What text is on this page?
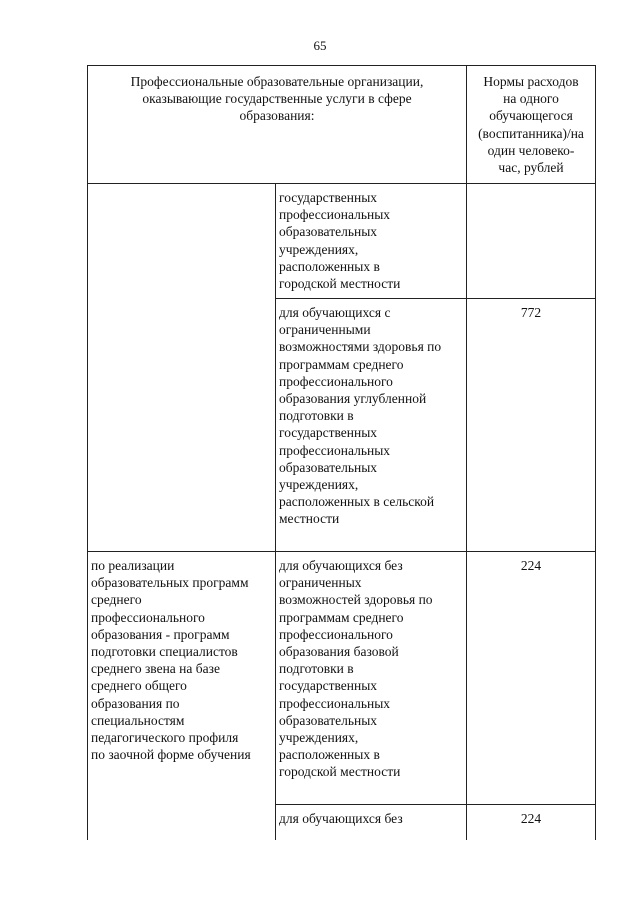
65
Профессиональные образовательные организации,
оказывающие государственные услуги в сфере
образования:
Нормы расходов
на одного
обучающегося
(воспитанника)/на
один человеко-
час, рублей
государственных
профессиональных
образовательных
учреждениях,
расположенных в
городской местности
для обучающихся с
ограниченными
возможностями здоровья по
программам среднего
профессионального
образования углубленной
подготовки в
государственных
профессиональных
образовательных
учреждениях,
расположенных в сельской
местности
772
по реализации
образовательных программ
среднего
профессионального
образования - программ
подготовки специалистов
среднего звена на базе
среднего общего
образования по
специальностям
педагогического профиля
по заочной форме обучения
для обучающихся без
ограниченных
возможностей здоровья по
программам среднего
профессионального
образования базовой
подготовки в
государственных
профессиональных
образовательных
учреждениях,
расположенных в
городской местности
224
для обучающихся без	224
